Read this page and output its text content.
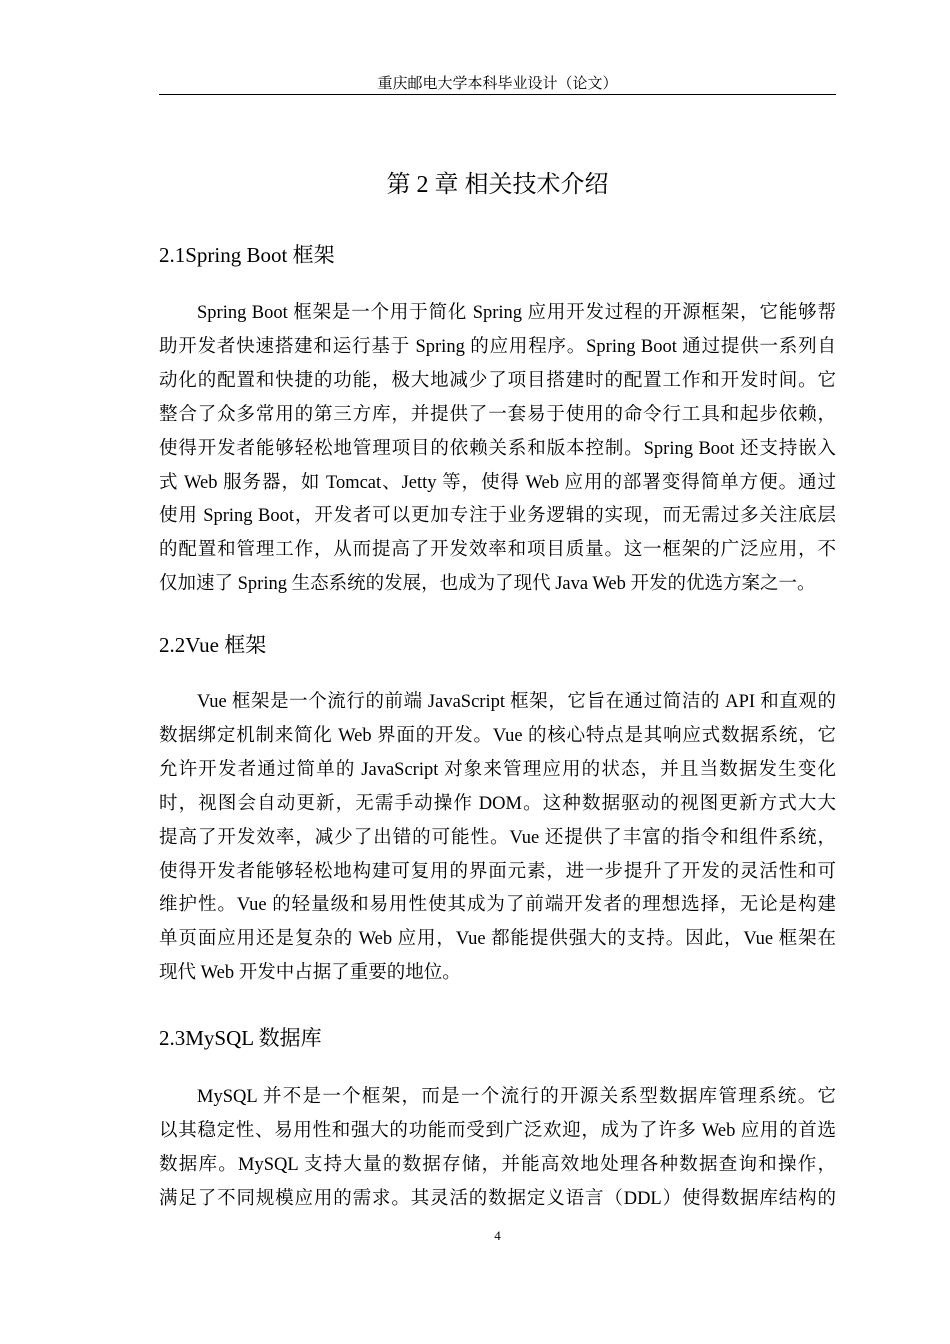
重庆邮电大学本科毕业设计（论文）
第 2 章 相关技术介绍
2.1Spring Boot 框架
Spring Boot 框架是一个用于简化 Spring 应用开发过程的开源框架，它能够帮
助开发者快速搭建和运行基于 Spring 的应用程序。Spring Boot 通过提供一系列自
动化的配置和快捷的功能，极大地减少了项目搭建时的配置工作和开发时间。它
整合了众多常用的第三方库，并提供了一套易于使用的命令行工具和起步依赖，
使得开发者能够轻松地管理项目的依赖关系和版本控制。Spring Boot 还支持嵌入
式 Web 服务器，如 Tomcat、Jetty 等，使得 Web 应用的部署变得简单方便。通过
使用 Spring Boot，开发者可以更加专注于业务逻辑的实现，而无需过多关注底层
的配置和管理工作，从而提高了开发效率和项目质量。这一框架的广泛应用，不
仅加速了 Spring 生态系统的发展，也成为了现代 Java Web 开发的优选方案之一。
2.2Vue 框架
Vue 框架是一个流行的前端 JavaScript 框架，它旨在通过简洁的 API 和直观的
数据绑定机制来简化 Web 界面的开发。Vue 的核心特点是其响应式数据系统，它
允许开发者通过简单的 JavaScript 对象来管理应用的状态，并且当数据发生变化
时，视图会自动更新，无需手动操作 DOM。这种数据驱动的视图更新方式大大
提高了开发效率，减少了出错的可能性。Vue 还提供了丰富的指令和组件系统，
使得开发者能够轻松地构建可复用的界面元素，进一步提升了开发的灵活性和可
维护性。Vue 的轻量级和易用性使其成为了前端开发者的理想选择，无论是构建
单页面应用还是复杂的 Web 应用，Vue 都能提供强大的支持。因此，Vue 框架在
现代 Web 开发中占据了重要的地位。
2.3MySQL 数据库
MySQL 并不是一个框架，而是一个流行的开源关系型数据库管理系统。它
以其稳定性、易用性和强大的功能而受到广泛欢迎，成为了许多 Web 应用的首选
数据库。MySQL 支持大量的数据存储，并能高效地处理各种数据查询和操作，
满足了不同规模应用的需求。其灵活的数据定义语言（DDL）使得数据库结构的
4
